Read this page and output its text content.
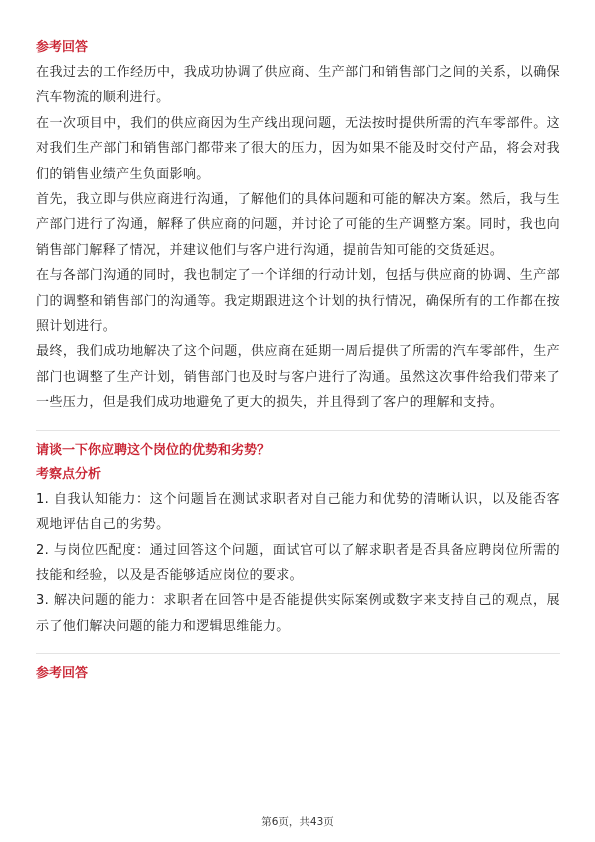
参考回答

在我过去的工作经历中，我成功协调了供应商、生产部门和销售部门之间的关系，以确保汽车物流的顺利进行。

在一次项目中，我们的供应商因为生产线出现问题，无法按时提供所需的汽车零部件。这对我们生产部门和销售部门都带来了很大的压力，因为如果不能及时交付产品，将会对我们的销售业绩产生负面影响。

首先，我立即与供应商进行沟通，了解他们的具体问题和可能的解决方案。然后，我与生产部门进行了沟通，解释了供应商的问题，并讨论了可能的生产调整方案。同时，我也向销售部门解释了情况，并建议他们与客户进行沟通，提前告知可能的交货延迟。

在与各部门沟通的同时，我也制定了一个详细的行动计划，包括与供应商的协调、生产部门的调整和销售部门的沟通等。我定期跟进这个计划的执行情况，确保所有的工作都在按照计划进行。

最终，我们成功地解决了这个问题，供应商在延期一周后提供了所需的汽车零部件，生产部门也调整了生产计划，销售部门也及时与客户进行了沟通。虽然这次事件给我们带来了一些压力，但是我们成功地避免了更大的损失，并且得到了客户的理解和支持。

请谈一下你应聘这个岗位的优势和劣势？
考察点分析

1. 自我认知能力：这个问题旨在测试求职者对自己能力和优势的清晰认识，以及能否客观地评估自己的劣势。

2. 与岗位匹配度：通过回答这个问题，面试官可以了解求职者是否具备应聘岗位所需的技能和经验，以及是否能够适应岗位的要求。

3. 解决问题的能力：求职者在回答中是否能提供实际案例或数字来支持自己的观点，展示了他们解决问题的能力和逻辑思维能力。

参考回答
第6页，共43页
